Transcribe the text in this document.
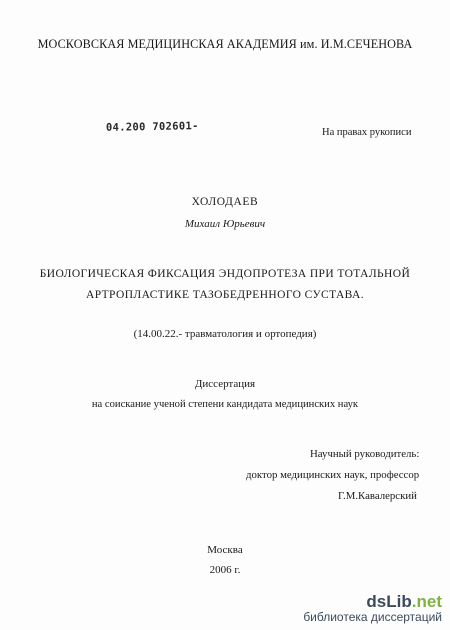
МОСКОВСКАЯ МЕДИЦИНСКАЯ АКАДЕМИЯ им. И.М.СЕЧЕНОВА
04.200 702601-	На правах рукописи
ХОЛОДАЕВ
Михаил Юрьевич
БИОЛОГИЧЕСКАЯ ФИКСАЦИЯ ЭНДОПРОТЕЗА ПРИ ТОТАЛЬНОЙ
АРТРОПЛАСТИКЕ ТАЗОБЕДРЕННОГО СУСТАВА.
(14.00.22.- травматология и ортопедия)
Диссертация
на соискание ученой степени кандидата медицинских наук
Научный руководитель:
доктор медицинских наук, профессор
Г.М.Кавалерский
Москва
2006 г.
dsLib.net
библиотека диссертаций
